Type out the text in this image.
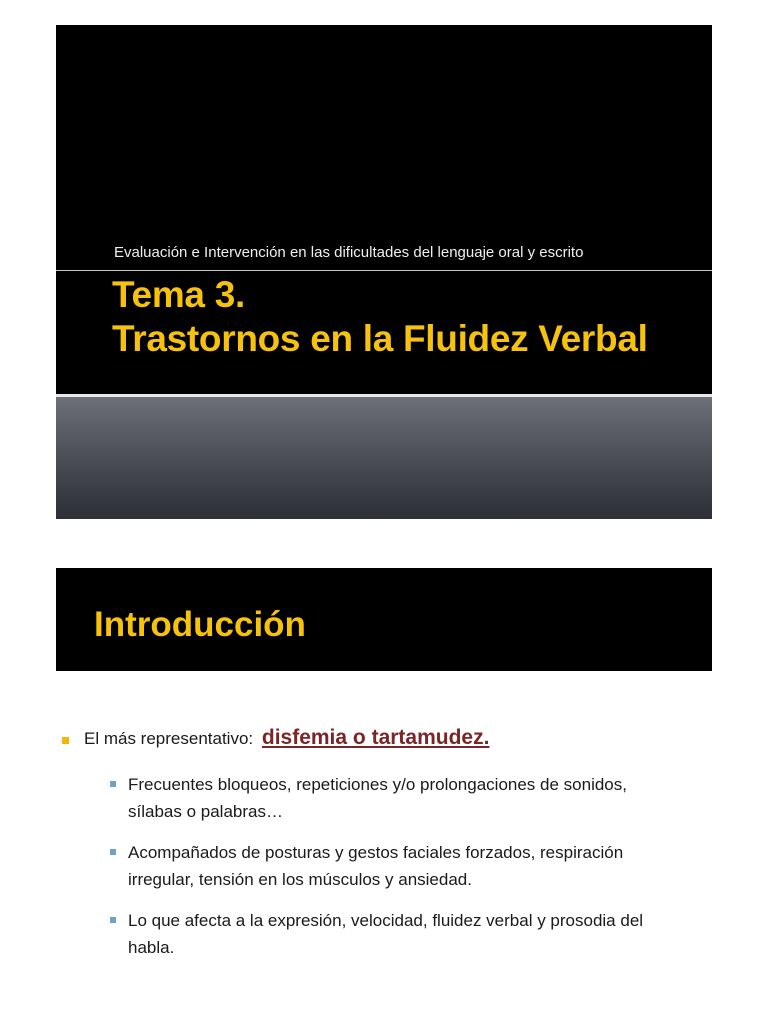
Evaluación e Intervención en las dificultades del lenguaje oral y escrito
Tema 3.
Trastornos en la Fluidez Verbal
Introducción
El más representativo: disfemia o tartamudez.
Frecuentes bloqueos, repeticiones y/o prolongaciones de sonidos, sílabas o palabras…
Acompañados de posturas y gestos faciales forzados, respiración irregular, tensión en los músculos y ansiedad.
Lo que afecta a la expresión, velocidad, fluidez verbal y prosodia del habla.
